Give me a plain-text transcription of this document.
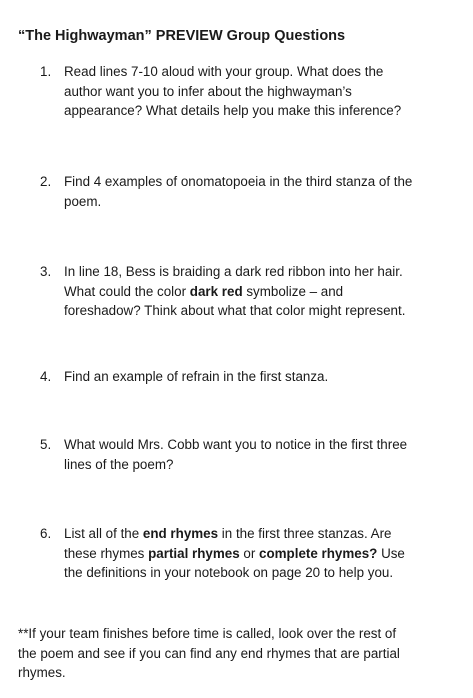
“The Highwayman” PREVIEW Group Questions
1. Read lines 7-10 aloud with your group. What does the
author want you to infer about the highwayman’s
appearance? What details help you make this inference?
2. Find 4 examples of onomatopoeia in the third stanza of the
poem.
3. In line 18, Bess is braiding a dark red ribbon into her hair.
What could the color dark red symbolize – and
foreshadow? Think about what that color might represent.
4. Find an example of refrain in the first stanza.
5. What would Mrs. Cobb want you to notice in the first three
lines of the poem?
6. List all of the end rhymes in the first three stanzas. Are
these rhymes partial rhymes or complete rhymes? Use
the definitions in your notebook on page 20 to help you.
**If your team finishes before time is called, look over the rest of
the poem and see if you can find any end rhymes that are partial
rhymes.
